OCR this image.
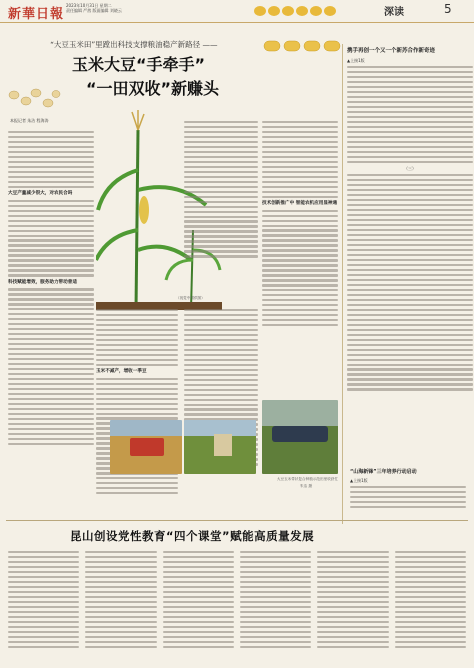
新華日報
2023年10月31日 星期二
责任编辑 严茜 版面编辑 刘晓云	深读	5
“大豆玉米田”里蹚出科技支撑粮油稳产新路径 ——
玉米大豆“手牵手”
“一田双收”新赚头
本报记者 朱洁 程海涛
大豆产量减少很大，对农民合吗
科技赋能增效，服务助力带动普适
（视觉中国供图）
玉米不减产，增收一季豆
技术创新推广中 智能农机应用显神通
大豆玉米带状复合种植示范田里收获忙
朱洁 摄
携手再创一个又一个新苏合作新奇迹
▲上接1版
（三）
“山海新锋”三年培养行动启动
▲上接1版
昆山创设党性教育“四个课堂”赋能高质量发展
